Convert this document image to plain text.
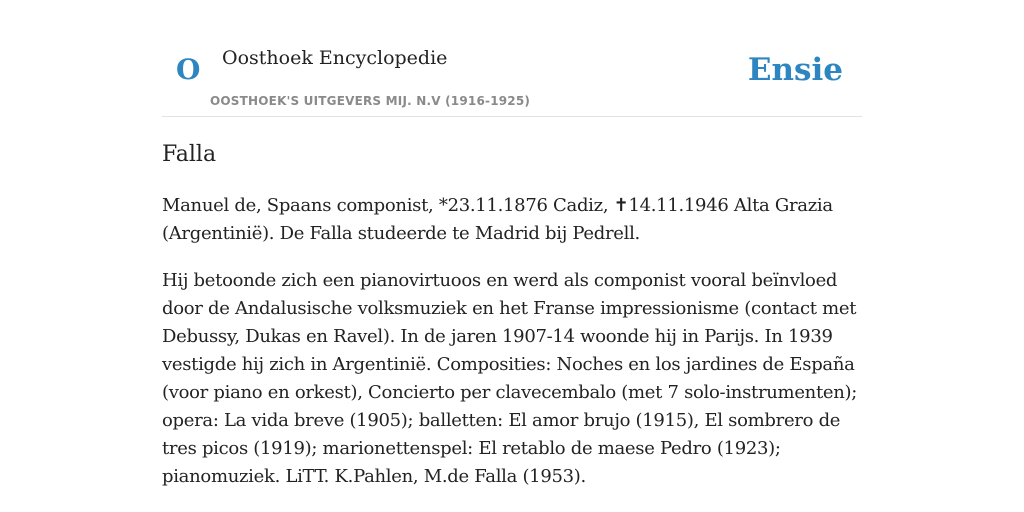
O Oosthoek Encyclopedie
OOSTHOEK'S UITGEVERS MIJ. N.V (1916-1925)
Ensie
Falla

Manuel de, Spaans componist, *23.11.1876 Cadiz, ✝14.11.1946 Alta Grazia (Argentinië). De Falla studeerde te Madrid bij Pedrell.

Hij betoonde zich een pianovirtuoos en werd als componist vooral beïnvloed door de Andalusische volksmuziek en het Franse impressionisme (contact met Debussy, Dukas en Ravel). In de jaren 1907-14 woonde hij in Parijs. In 1939 vestigde hij zich in Argentinië. Composities: Noches en los jardines de España (voor piano en orkest), Concierto per clavecembalo (met 7 solo-instrumenten); opera: La vida breve (1905); balletten: El amor brujo (1915), El sombrero de tres picos (1919); marionettenspel: El retablo de maese Pedro (1923); pianomuziek. LiTT. K.Pahlen, M.de Falla (1953).
